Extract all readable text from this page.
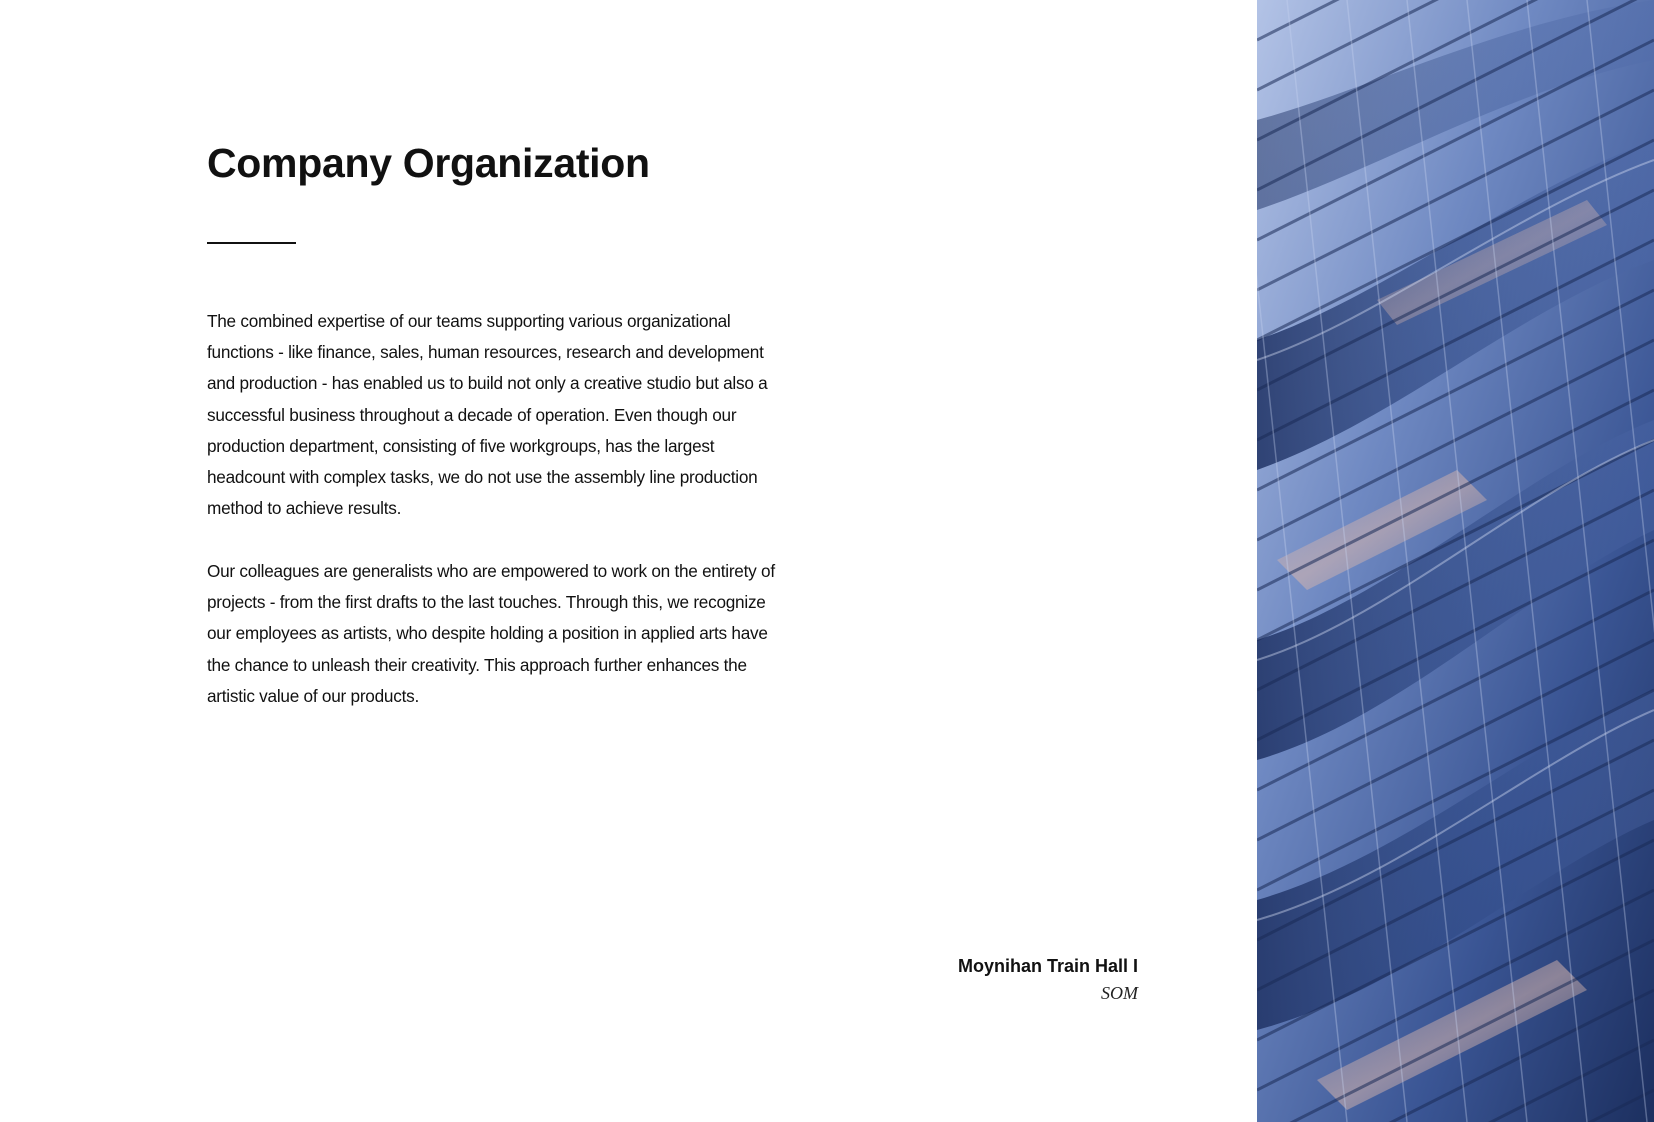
Company Organization

The combined expertise of our teams supporting various organizational functions - like finance, sales, human resources, research and development and production - has enabled us to build not only a creative studio but also a successful business throughout a decade of operation. Even though our production department, consisting of five workgroups, has the largest headcount with complex tasks, we do not use the assembly line production method to achieve results.

Our colleagues are generalists who are empowered to work on the entirety of projects - from the first drafts to the last touches. Through this, we recognize our employees as artists, who despite holding a position in applied arts have the chance to unleash their creativity. This approach further enhances the artistic value of our products.

Moynihan Train Hall I
SOM
